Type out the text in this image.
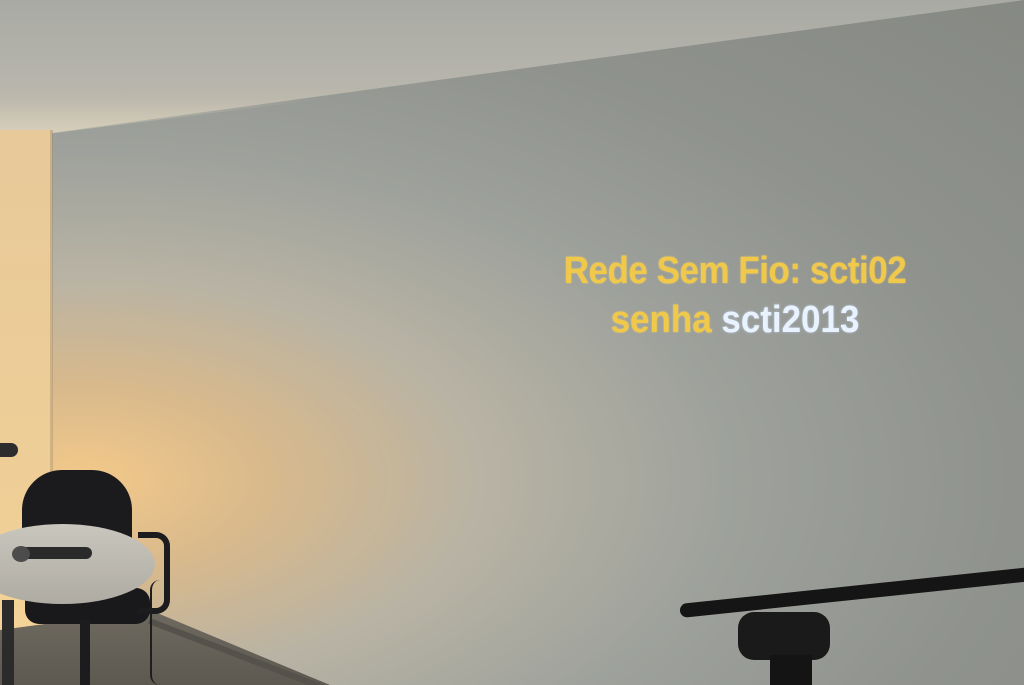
Rede Sem Fio: scti02
senha scti2013
